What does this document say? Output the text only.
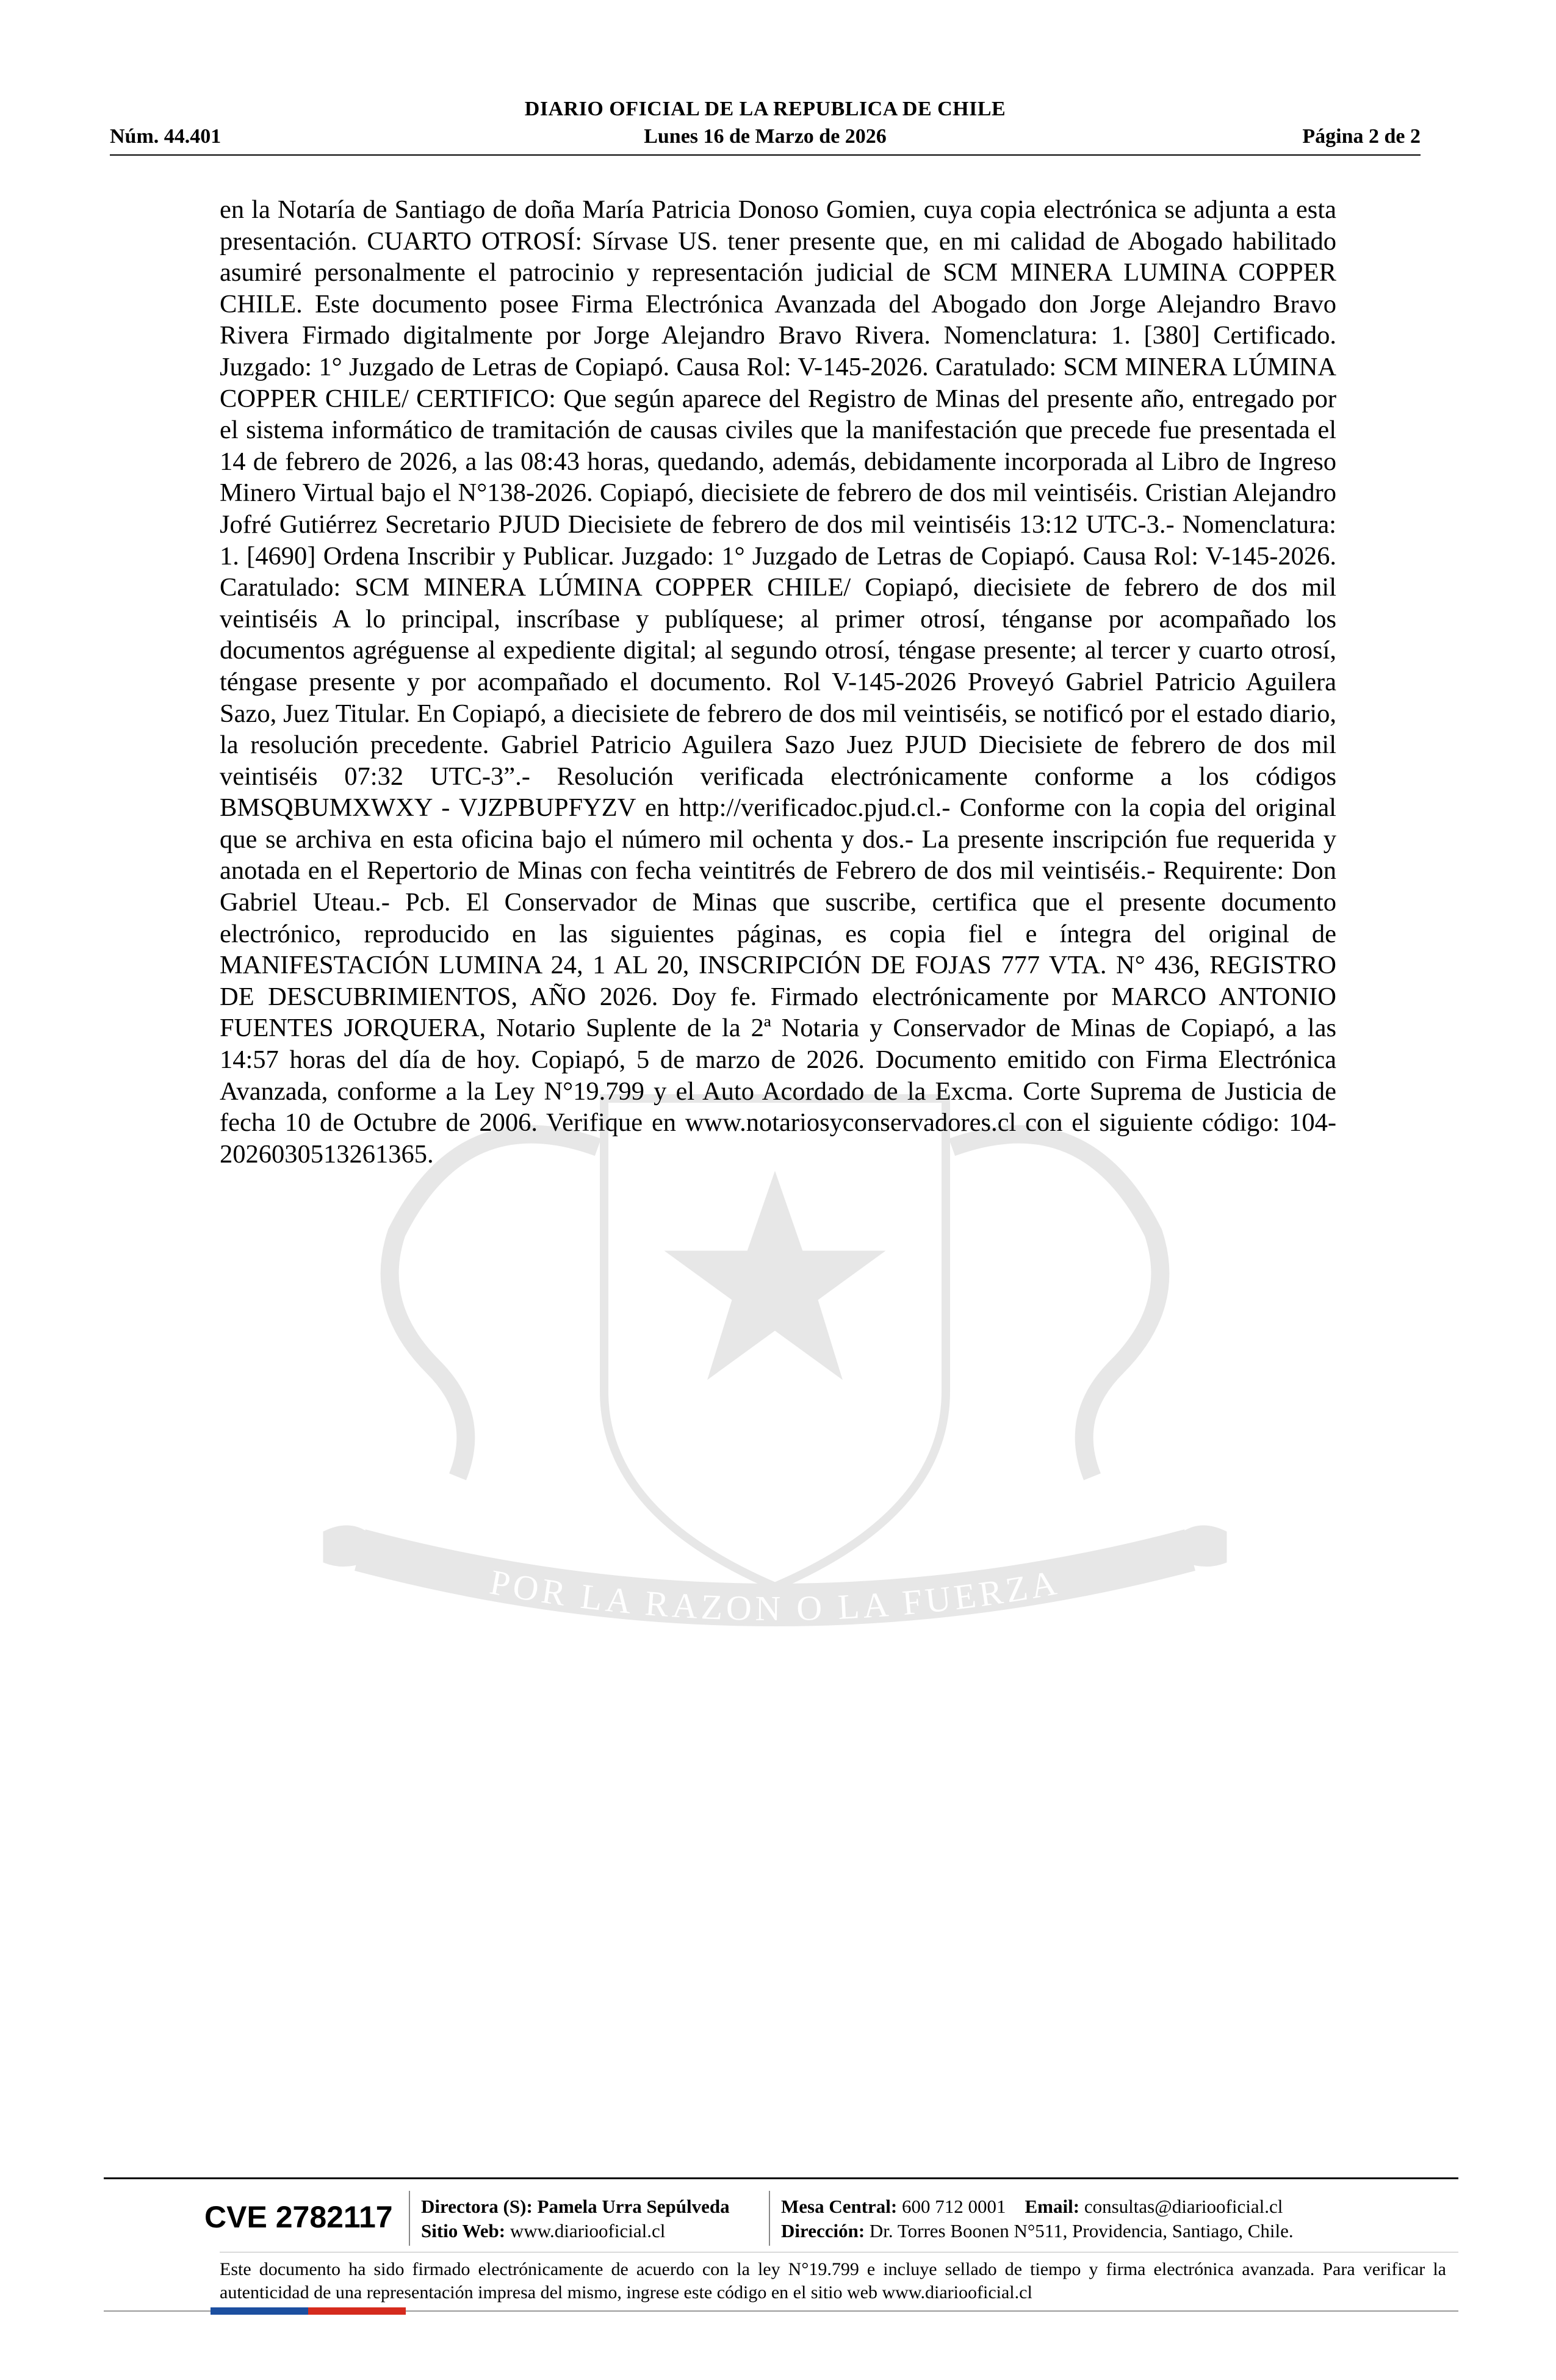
DIARIO OFICIAL DE LA REPUBLICA DE CHILE
Núm. 44.401	Lunes 16 de Marzo de 2026	Página 2 de 2
POR LA RAZON O LA FUERZA
en la Notaría de Santiago de doña María Patricia Donoso Gomien, cuya copia electrónica se adjunta a esta presentación. CUARTO OTROSÍ: Sírvase US. tener presente que, en mi calidad de Abogado habilitado asumiré personalmente el patrocinio y representación judicial de SCM MINERA LUMINA COPPER CHILE. Este documento posee Firma Electrónica Avanzada del Abogado don Jorge Alejandro Bravo Rivera Firmado digitalmente por Jorge Alejandro Bravo Rivera. Nomenclatura: 1. [380] Certificado. Juzgado: 1° Juzgado de Letras de Copiapó. Causa Rol: V-145-2026. Caratulado: SCM MINERA LÚMINA COPPER CHILE/ CERTIFICO: Que según aparece del Registro de Minas del presente año, entregado por el sistema informático de tramitación de causas civiles que la manifestación que precede fue presentada el 14 de febrero de 2026, a las 08:43 horas, quedando, además, debidamente incorporada al Libro de Ingreso Minero Virtual bajo el N°138-2026. Copiapó, diecisiete de febrero de dos mil veintiséis. Cristian Alejandro Jofré Gutiérrez Secretario PJUD Diecisiete de febrero de dos mil veintiséis 13:12 UTC-3.- Nomenclatura: 1. [4690] Ordena Inscribir y Publicar. Juzgado: 1° Juzgado de Letras de Copiapó. Causa Rol: V-145-2026. Caratulado: SCM MINERA LÚMINA COPPER CHILE/ Copiapó, diecisiete de febrero de dos mil veintiséis A lo principal, inscríbase y publíquese; al primer otrosí, ténganse por acompañado los documentos agréguense al expediente digital; al segundo otrosí, téngase presente; al tercer y cuarto otrosí, téngase presente y por acompañado el documento. Rol V-145-2026 Proveyó Gabriel Patricio Aguilera Sazo, Juez Titular. En Copiapó, a diecisiete de febrero de dos mil veintiséis, se notificó por el estado diario, la resolución precedente. Gabriel Patricio Aguilera Sazo Juez PJUD Diecisiete de febrero de dos mil veintiséis 07:32 UTC-3”.- Resolución verificada electrónicamente conforme a los códigos BMSQBUMXWXY - VJZPBUPFYZV en http://verificadoc.pjud.cl.- Conforme con la copia del original que se archiva en esta oficina bajo el número mil ochenta y dos.- La presente inscripción fue requerida y anotada en el Repertorio de Minas con fecha veintitrés de Febrero de dos mil veintiséis.- Requirente: Don Gabriel Uteau.- Pcb. El Conservador de Minas que suscribe, certifica que el presente documento electrónico, reproducido en las siguientes páginas, es copia fiel e íntegra del original de MANIFESTACIÓN LUMINA 24, 1 AL 20, INSCRIPCIÓN DE FOJAS 777 VTA. N° 436, REGISTRO DE DESCUBRIMIENTOS, AÑO 2026. Doy fe. Firmado electrónicamente por MARCO ANTONIO FUENTES JORQUERA, Notario Suplente de la 2ª Notaria y Conservador de Minas de Copiapó, a las 14:57 horas del día de hoy. Copiapó, 5 de marzo de 2026. Documento emitido con Firma Electrónica Avanzada, conforme a la Ley N°19.799 y el Auto Acordado de la Excma. Corte Suprema de Justicia de fecha 10 de Octubre de 2006. Verifique en www.notariosyconservadores.cl con el siguiente código: 104-2026030513261365.
CVE 2782117 Directora (S): Pamela Urra Sepúlveda
Sitio Web: www.diariooficial.cl
Mesa Central: 600 712 0001 Email: consultas@diariooficial.cl
Dirección: Dr. Torres Boonen N°511, Providencia, Santiago, Chile.
Este documento ha sido firmado electrónicamente de acuerdo con la ley N°19.799 e incluye sellado de tiempo y firma electrónica avanzada. Para verificar la autenticidad de una representación impresa del mismo, ingrese este código en el sitio web www.diariooficial.cl
